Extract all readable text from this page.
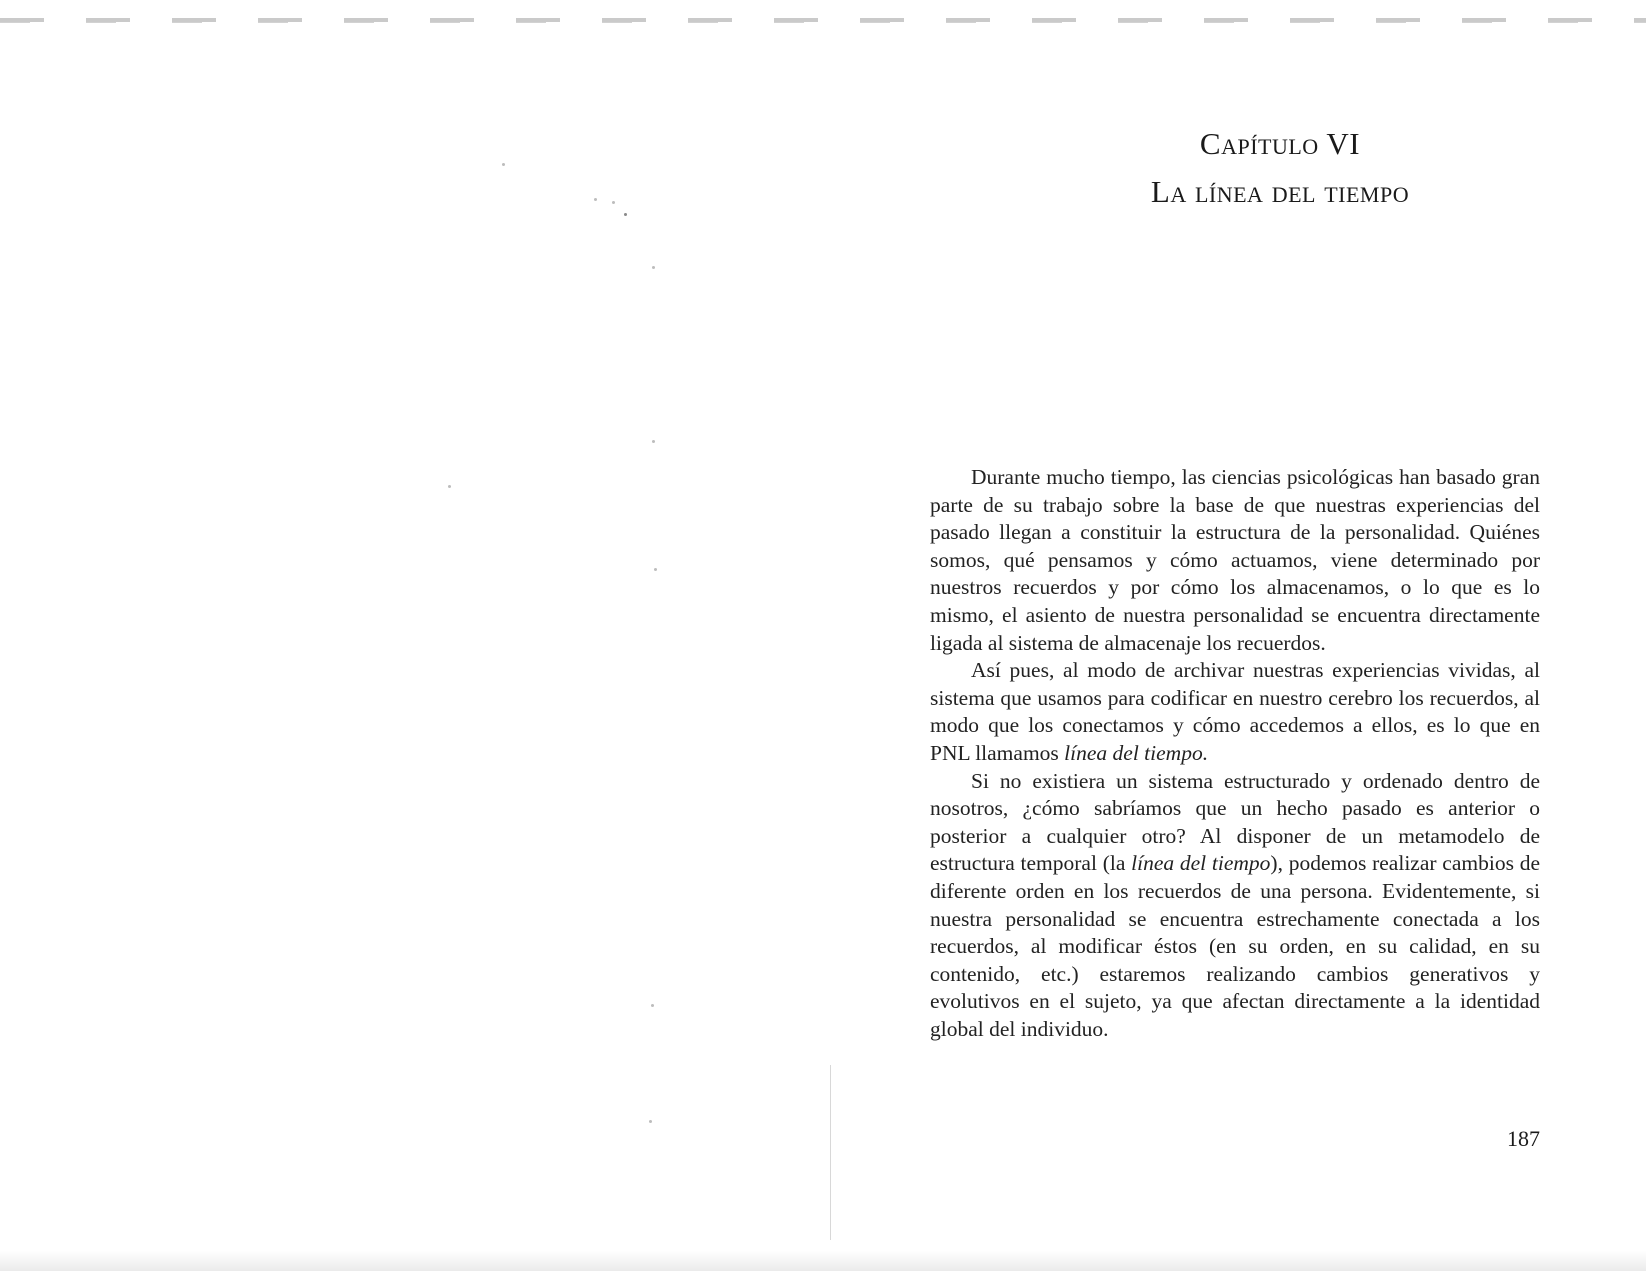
Capítulo VI
La línea del tiempo

Durante mucho tiempo, las ciencias psicológicas han basado gran parte de su trabajo sobre la base de que nuestras experiencias del pasado llegan a constituir la estructura de la personalidad. Quiénes somos, qué pensamos y cómo actuamos, viene determinado por nuestros recuerdos y por cómo los almacenamos, o lo que es lo mismo, el asiento de nuestra personalidad se encuentra directamente ligada al sistema de almacenaje los recuerdos.

Así pues, al modo de archivar nuestras experiencias vividas, al sistema que usamos para codificar en nuestro cerebro los recuerdos, al modo que los conectamos y cómo accedemos a ellos, es lo que en PNL llamamos línea del tiempo.

Si no existiera un sistema estructurado y ordenado dentro de nosotros, ¿cómo sabríamos que un hecho pasado es anterior o posterior a cualquier otro? Al disponer de un metamodelo de estructura temporal (la línea del tiempo), podemos realizar cambios de diferente orden en los recuerdos de una persona. Evidentemente, si nuestra personalidad se encuentra estrechamente conectada a los recuerdos, al modificar éstos (en su orden, en su calidad, en su contenido, etc.) estaremos realizando cambios generativos y evolutivos en el sujeto, ya que afectan directamente a la identidad global del individuo.

187
